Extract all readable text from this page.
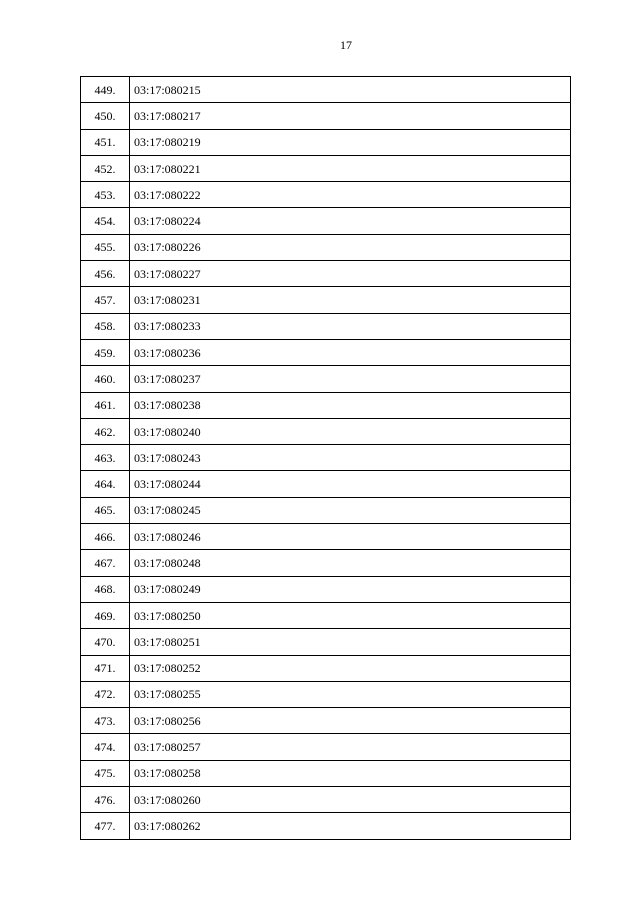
17
449.	03:17:080215
450.	03:17:080217
451.	03:17:080219
452.	03:17:080221
453.	03:17:080222
454.	03:17:080224
455.	03:17:080226
456.	03:17:080227
457.	03:17:080231
458.	03:17:080233
459.	03:17:080236
460.	03:17:080237
461.	03:17:080238
462.	03:17:080240
463.	03:17:080243
464.	03:17:080244
465.	03:17:080245
466.	03:17:080246
467.	03:17:080248
468.	03:17:080249
469.	03:17:080250
470.	03:17:080251
471.	03:17:080252
472.	03:17:080255
473.	03:17:080256
474.	03:17:080257
475.	03:17:080258
476.	03:17:080260
477.	03:17:080262
